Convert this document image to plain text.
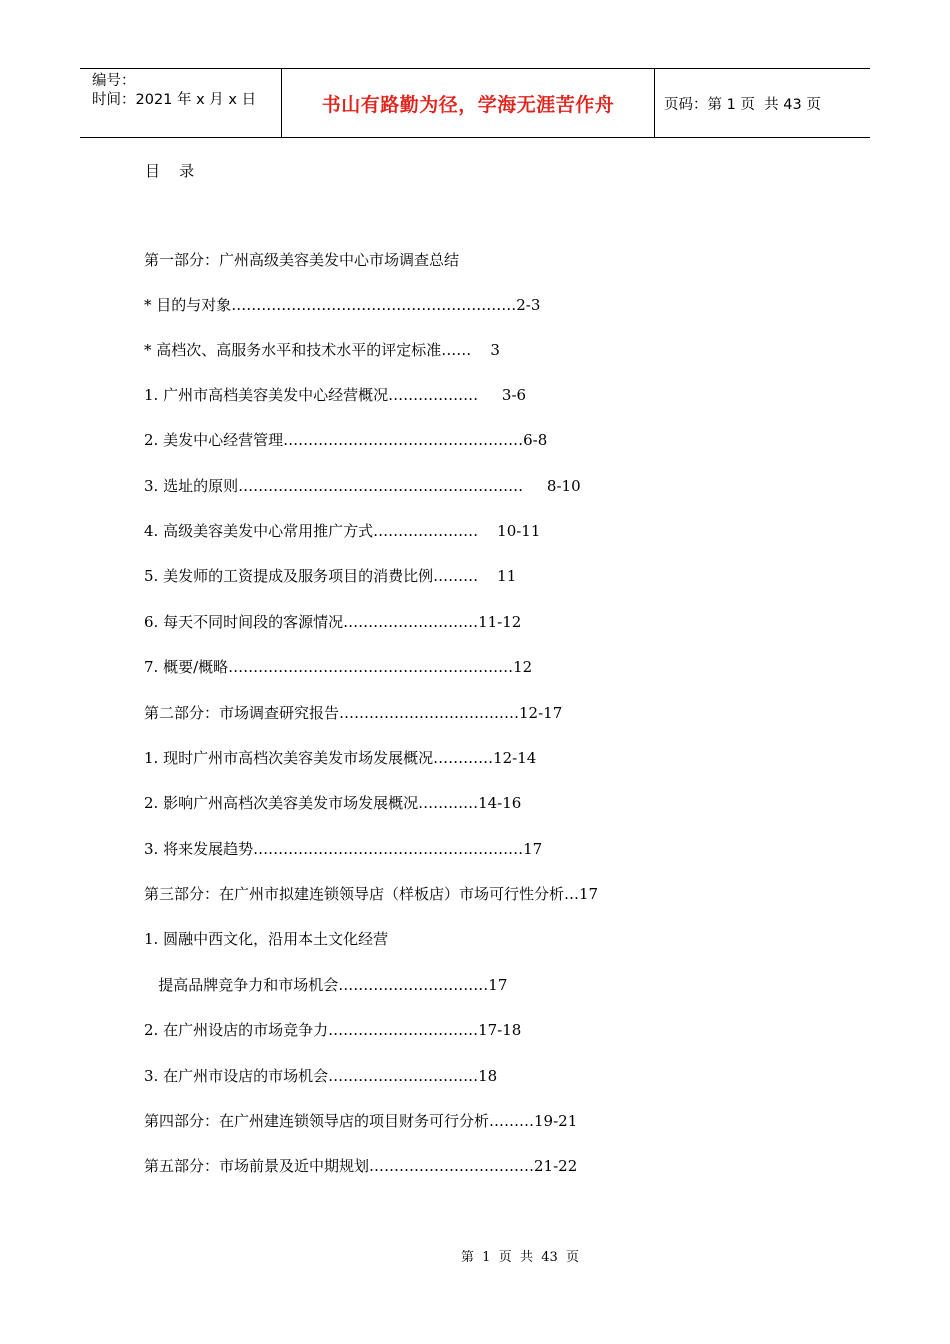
编号：
时间：2021 年 x 月 x 日	书山有路勤为径，学海无涯苦作舟	页码：第 1 页  共 43 页
目    录
第一部分：广州高级美容美发中心市场调查总结
* 目的与对象…………………………………………………2-3
* 高档次、高服务水平和技术水平的评定标准……    3
1. 广州市高档美容美发中心经营概况………………     3-6
2. 美发中心经营管理…………………………………………6-8
3. 选址的原则…………………………………………………     8-10
4. 高级美容美发中心常用推广方式…………………    10-11
5. 美发师的工资提成及服务项目的消费比例………    11
6. 每天不同时间段的客源情况………………………11-12
7. 概要/概略…………………………………………………12
第二部分：市场调查研究报告………………………………12-17
1. 现时广州市高档次美容美发市场发展概况…………12-14
2. 影响广州高档次美容美发市场发展概况…………14-16
3. 将来发展趋势………………………………………………17
第三部分：在广州市拟建连锁领导店（样板店）市场可行性分析…17
1. 圆融中西文化，沿用本土文化经营
提高品牌竞争力和市场机会…………………………17
2. 在广州设店的市场竞争力…………………………17-18
3. 在广州市设店的市场机会…………………………18
第四部分：在广州建连锁领导店的项目财务可行分析………19-21
第五部分：市场前景及近中期规划……………………………21-22
第  1  页  共  43  页
